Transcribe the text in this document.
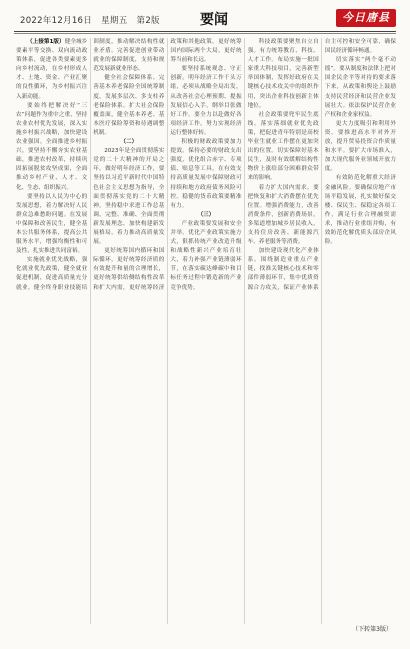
2022年12月16日 星期五 第2版	要闻	今日唐县

（上接第1版）健全城乡要素平等交换、双向流动政策体系，促进各类要素更多向乡村流动，在乡村形成人才、土地、资金、产业汇聚的良性循环，为乡村振兴注入新动能。

要始终把解决好“三农”问题作为重中之重，坚持农业农村优先发展，深入实施乡村振兴战略，加快建设农业强国。全面推进乡村振兴，要坚持不懈夯实农业基础，推进农村改革，持续巩固拓展脱贫攻坚成果，全面推动乡村产业、人才、文化、生态、组织振兴。

要坚持以人民为中心的发展思想，着力解决好人民群众急难愁盼问题。在发展中保障和改善民生，健全基本公共服务体系，提高公共服务水平，增强均衡性和可及性，扎实推进共同富裕。

实施就业优先战略，强化就业优先政策，健全就业促进机制，促进高质量充分就业。健全终身职业技能培训制度，推动解决结构性就业矛盾。完善促进创业带动就业的保障制度，支持和规范发展新就业形态。

健全社会保障体系。完善基本养老保险全国统筹制度，发展多层次、多支柱养老保险体系。扩大社会保险覆盖面，健全基本养老、基本医疗保险筹资和待遇调整机制。

（二）

2023年是全面贯彻落实党的二十大精神的开局之年。做好明年经济工作，要坚持以习近平新时代中国特色社会主义思想为指导，全面贯彻落实党的二十大精神，坚持稳中求进工作总基调，完整、准确、全面贯彻新发展理念，加快构建新发展格局，着力推动高质量发展。

更好统筹国内循环和国际循环，更好统筹经济质的有效提升和量的合理增长，更好统筹供给侧结构性改革和扩大内需，更好统筹经济政策和其他政策，更好统筹国内国际两个大局，更好统筹当前和长远。

要坚持系统观念、守正创新。明年经济工作千头万绪，必须从战略全局出发，从改善社会心理预期、提振发展信心入手，纲举目张做好工作。要全力以赴做好各项经济工作，努力实现经济运行整体好转。

积极的财政政策要加力提效。保持必要的财政支出强度，优化组合赤字、专项债、贴息等工具，在有效支持高质量发展中保障财政可持续和地方政府债务风险可控。稳健的货币政策要精准有力。

（三）

产业政策要发展和安全并举。优化产业政策实施方式，狠抓传统产业改造升级和战略性新兴产业培育壮大，着力补强产业链薄弱环节，在落实碳达峰碳中和目标任务过程中锻造新的产业竞争优势。

科技政策要聚焦自立自强。有力统筹教育、科技、人才工作。布局实施一批国家重大科技项目，完善新型举国体制，发挥好政府在关键核心技术攻关中的组织作用，突出企业科技创新主体地位。

社会政策要兜牢民生底线。落实落细就业优先政策，把促进青年特别是高校毕业生就业工作摆在更加突出的位置。切实保障好基本民生，及时有效缓解结构性物价上涨给部分困难群众带来的影响。

着力扩大国内需求。要把恢复和扩大消费摆在优先位置。增强消费能力，改善消费条件，创新消费场景。多渠道增加城乡居民收入，支持住房改善、新能源汽车、养老服务等消费。

加快建设现代化产业体系。围绕制造业重点产业链，找准关键核心技术和零部件薄弱环节，集中优质资源合力攻关，保证产业体系自主可控和安全可靠，确保国民经济循环畅通。

切实落实“两个毫不动摇”。要从制度和法律上把对国企民企平等对待的要求落下来，从政策和舆论上鼓励支持民营经济和民营企业发展壮大。依法保护民营企业产权和企业家权益。

更大力度吸引和利用外资。要推进高水平对外开放，提升贸易投资合作质量和水平。要扩大市场准入，加大现代服务业领域开放力度。

有效防范化解重大经济金融风险。要确保房地产市场平稳发展，扎实做好保交楼、保民生、保稳定各项工作，满足行业合理融资需求，推动行业重组并购，有效防范化解优质头部房企风险。

（下转第3版）
